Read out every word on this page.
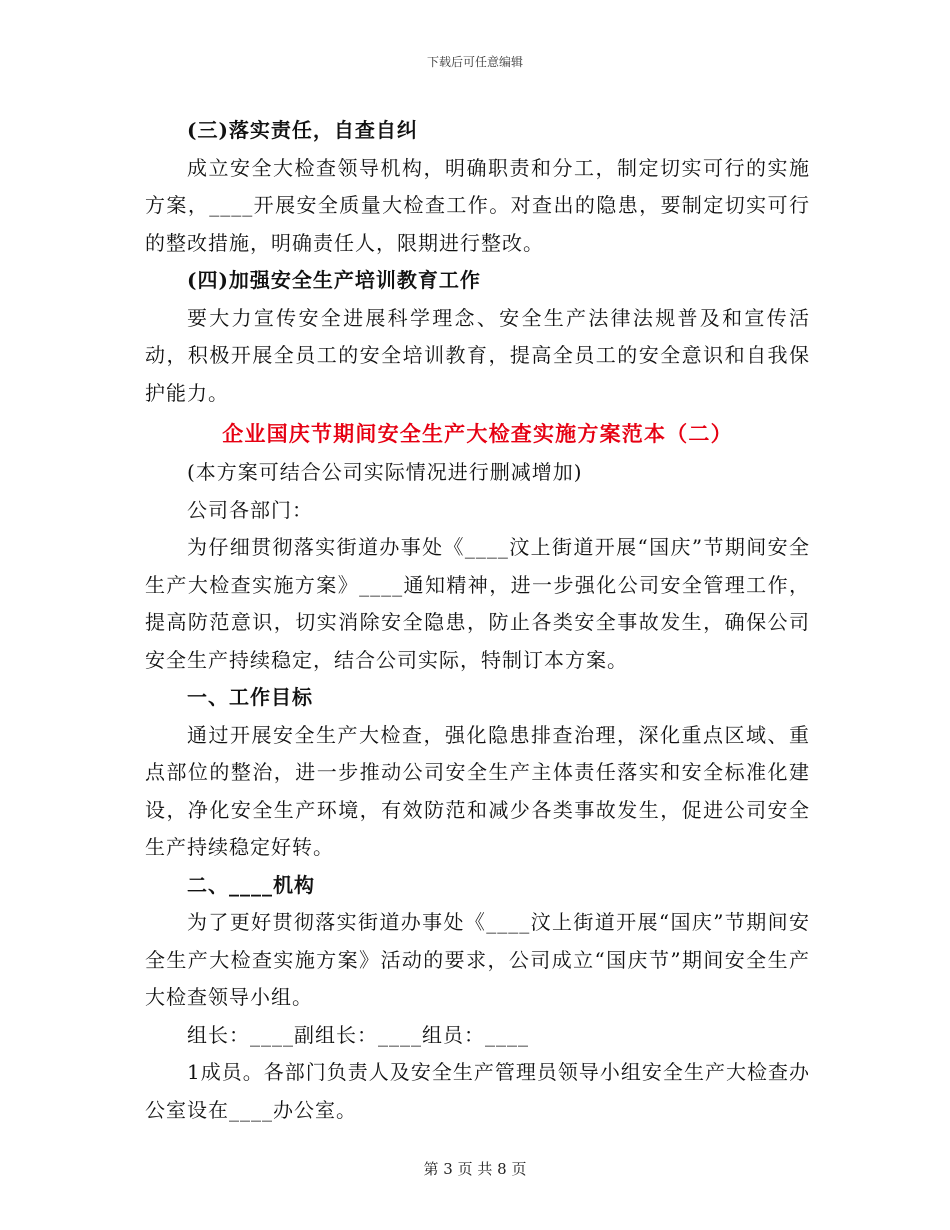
下载后可任意编辑

(三)落实责任，自查自纠

成立安全大检查领导机构，明确职责和分工，制定切实可行的实施方案，____开展安全质量大检查工作。对查出的隐患，要制定切实可行的整改措施，明确责任人，限期进行整改。

(四)加强安全生产培训教育工作

要大力宣传安全进展科学理念、安全生产法律法规普及和宣传活动，积极开展全员工的安全培训教育，提高全员工的安全意识和自我保护能力。

企业国庆节期间安全生产大检查实施方案范本（二）

(本方案可结合公司实际情况进行删减增加)

公司各部门：

为仔细贯彻落实街道办事处《____汶上街道开展“国庆”节期间安全生产大检查实施方案》____通知精神，进一步强化公司安全管理工作，提高防范意识，切实消除安全隐患，防止各类安全事故发生，确保公司安全生产持续稳定，结合公司实际，特制订本方案。

一、工作目标

通过开展安全生产大检查，强化隐患排查治理，深化重点区域、重点部位的整治，进一步推动公司安全生产主体责任落实和安全标准化建设，净化安全生产环境，有效防范和减少各类事故发生，促进公司安全生产持续稳定好转。

二、____机构

为了更好贯彻落实街道办事处《____汶上街道开展“国庆”节期间安全生产大检查实施方案》活动的要求，公司成立“国庆节”期间安全生产大检查领导小组。

组长：____副组长：____组员：____

1成员。各部门负责人及安全生产管理员领导小组安全生产大检查办公室设在____办公室。

第 3 页 共 8 页
